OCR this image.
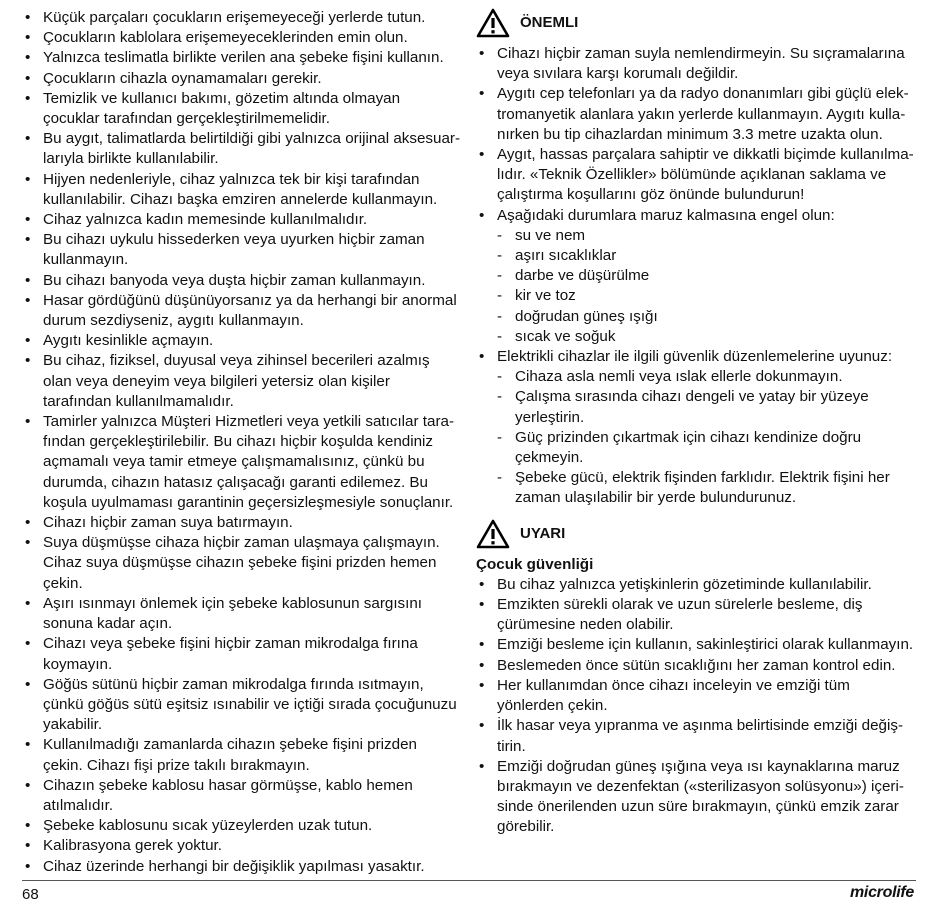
• Küçük parçaları çocukların erişemeyeceği yerlerde tutun.
• Çocukların kablolara erişemeyeceklerinden emin olun.
• Yalnızca teslimatla birlikte verilen ana şebeke fişini kullanın.
• Çocukların cihazla oynamamaları gerekir.
• Temizlik ve kullanıcı bakımı, gözetim altında olmayan çocuklar tarafından gerçekleştirilmemelidir.
• Bu aygıt, talimatlarda belirtildiği gibi yalnızca orijinal aksesuarlarıyla birlikte kullanılabilir.
• Hijyen nedenleriyle, cihaz yalnızca tek bir kişi tarafından kullanılabilir. Cihazı başka emziren annelerde kullanmayın.
• Cihaz yalnızca kadın memesinde kullanılmalıdır.
• Bu cihazı uykulu hissederken veya uyurken hiçbir zaman kullanmayın.
• Bu cihazı banyoda veya duşta hiçbir zaman kullanmayın.
• Hasar gördüğünü düşünüyorsanız ya da herhangi bir anormal durum sezdiyseniz, aygıtı kullanmayın.
• Aygıtı kesinlikle açmayın.
• Bu cihaz, fiziksel, duyusal veya zihinsel becerileri azalmış olan veya deneyim veya bilgileri yetersiz olan kişiler tarafından kullanılmamalıdır.
• Tamirler yalnızca Müşteri Hizmetleri veya yetkili satıcılar tarafından gerçekleştirilebilir. Bu cihazı hiçbir koşulda kendiniz açmamalı veya tamir etmeye çalışmamalısınız, çünkü bu durumda, cihazın hatasız çalışacağı garanti edilemez. Bu koşula uyulmaması garantinin geçersizleşmesiyle sonuçlanır.
• Cihazı hiçbir zaman suya batırmayın.
• Suya düşmüşse cihaza hiçbir zaman ulaşmaya çalışmayın. Cihaz suya düşmüşse cihazın şebeke fişini prizden hemen çekin.
• Aşırı ısınmayı önlemek için şebeke kablosunun sargısını sonuna kadar açın.
• Cihazı veya şebeke fişini hiçbir zaman mikrodalga fırına koymayın.
• Göğüs sütünü hiçbir zaman mikrodalga fırında ısıtmayın, çünkü göğüs sütü eşitsiz ısınabilir ve içtiği sırada çocuğunuzu yakabilir.
• Kullanılmadığı zamanlarda cihazın şebeke fişini prizden çekin. Cihazı fişi prize takılı bırakmayın.
• Cihazın şebeke kablosu hasar görmüşse, kablo hemen atılmalıdır.
• Şebeke kablosunu sıcak yüzeylerden uzak tutun.
• Kalibrasyona gerek yoktur.
• Cihaz üzerinde herhangi bir değişiklik yapılması yasaktır.
ÖNEMLI
• Cihazı hiçbir zaman suyla nemlendirmeyin. Su sıçramalarına veya sıvılara karşı korumalı değildir.
• Aygıtı cep telefonları ya da radyo donanımları gibi güçlü elektromanyetik alanlara yakın yerlerde kullanmayın. Aygıtı kullanırken bu tip cihazlardan minimum 3.3 metre uzakta olun.
• Aygıt, hassas parçalara sahiptir ve dikkatli biçimde kullanılmalıdır. «Teknik Özellikler» bölümünde açıklanan saklama ve çalıştırma koşullarını göz önünde bulundurun!
• Aşağıdaki durumlara maruz kalmasına engel olun:
- su ve nem
- aşırı sıcaklıklar
- darbe ve düşürülme
- kir ve toz
- doğrudan güneş ışığı
- sıcak ve soğuk
• Elektrikli cihazlar ile ilgili güvenlik düzenlemelerine uyunuz:
- Cihaza asla nemli veya ıslak ellerle dokunmayın.
- Çalışma sırasında cihazı dengeli ve yatay bir yüzeye yerleştirin.
- Güç prizinden çıkartmak için cihazı kendinize doğru çekmeyin.
- Şebeke gücü, elektrik fişinden farklıdır. Elektrik fişini her zaman ulaşılabilir bir yerde bulundurunuz.
UYARI
Çocuk güvenliği
• Bu cihaz yalnızca yetişkinlerin gözetiminde kullanılabilir.
• Emzikten sürekli olarak ve uzun sürelerle besleme, diş çürümesine neden olabilir.
• Emziği besleme için kullanın, sakinleştirici olarak kullanmayın.
• Beslemeden önce sütün sıcaklığını her zaman kontrol edin.
• Her kullanımdan önce cihazı inceleyin ve emziği tüm yönlerden çekin.
• İlk hasar veya yıpranma ve aşınma belirtisinde emziği değiştirin.
• Emziği doğrudan güneş ışığına veya ısı kaynaklarına maruz bırakmayın ve dezenfektan («sterilizasyon solüsyonu») içerisinde önerilenden uzun süre bırakmayın, çünkü emzik zarar görebilir.
68	microlife
